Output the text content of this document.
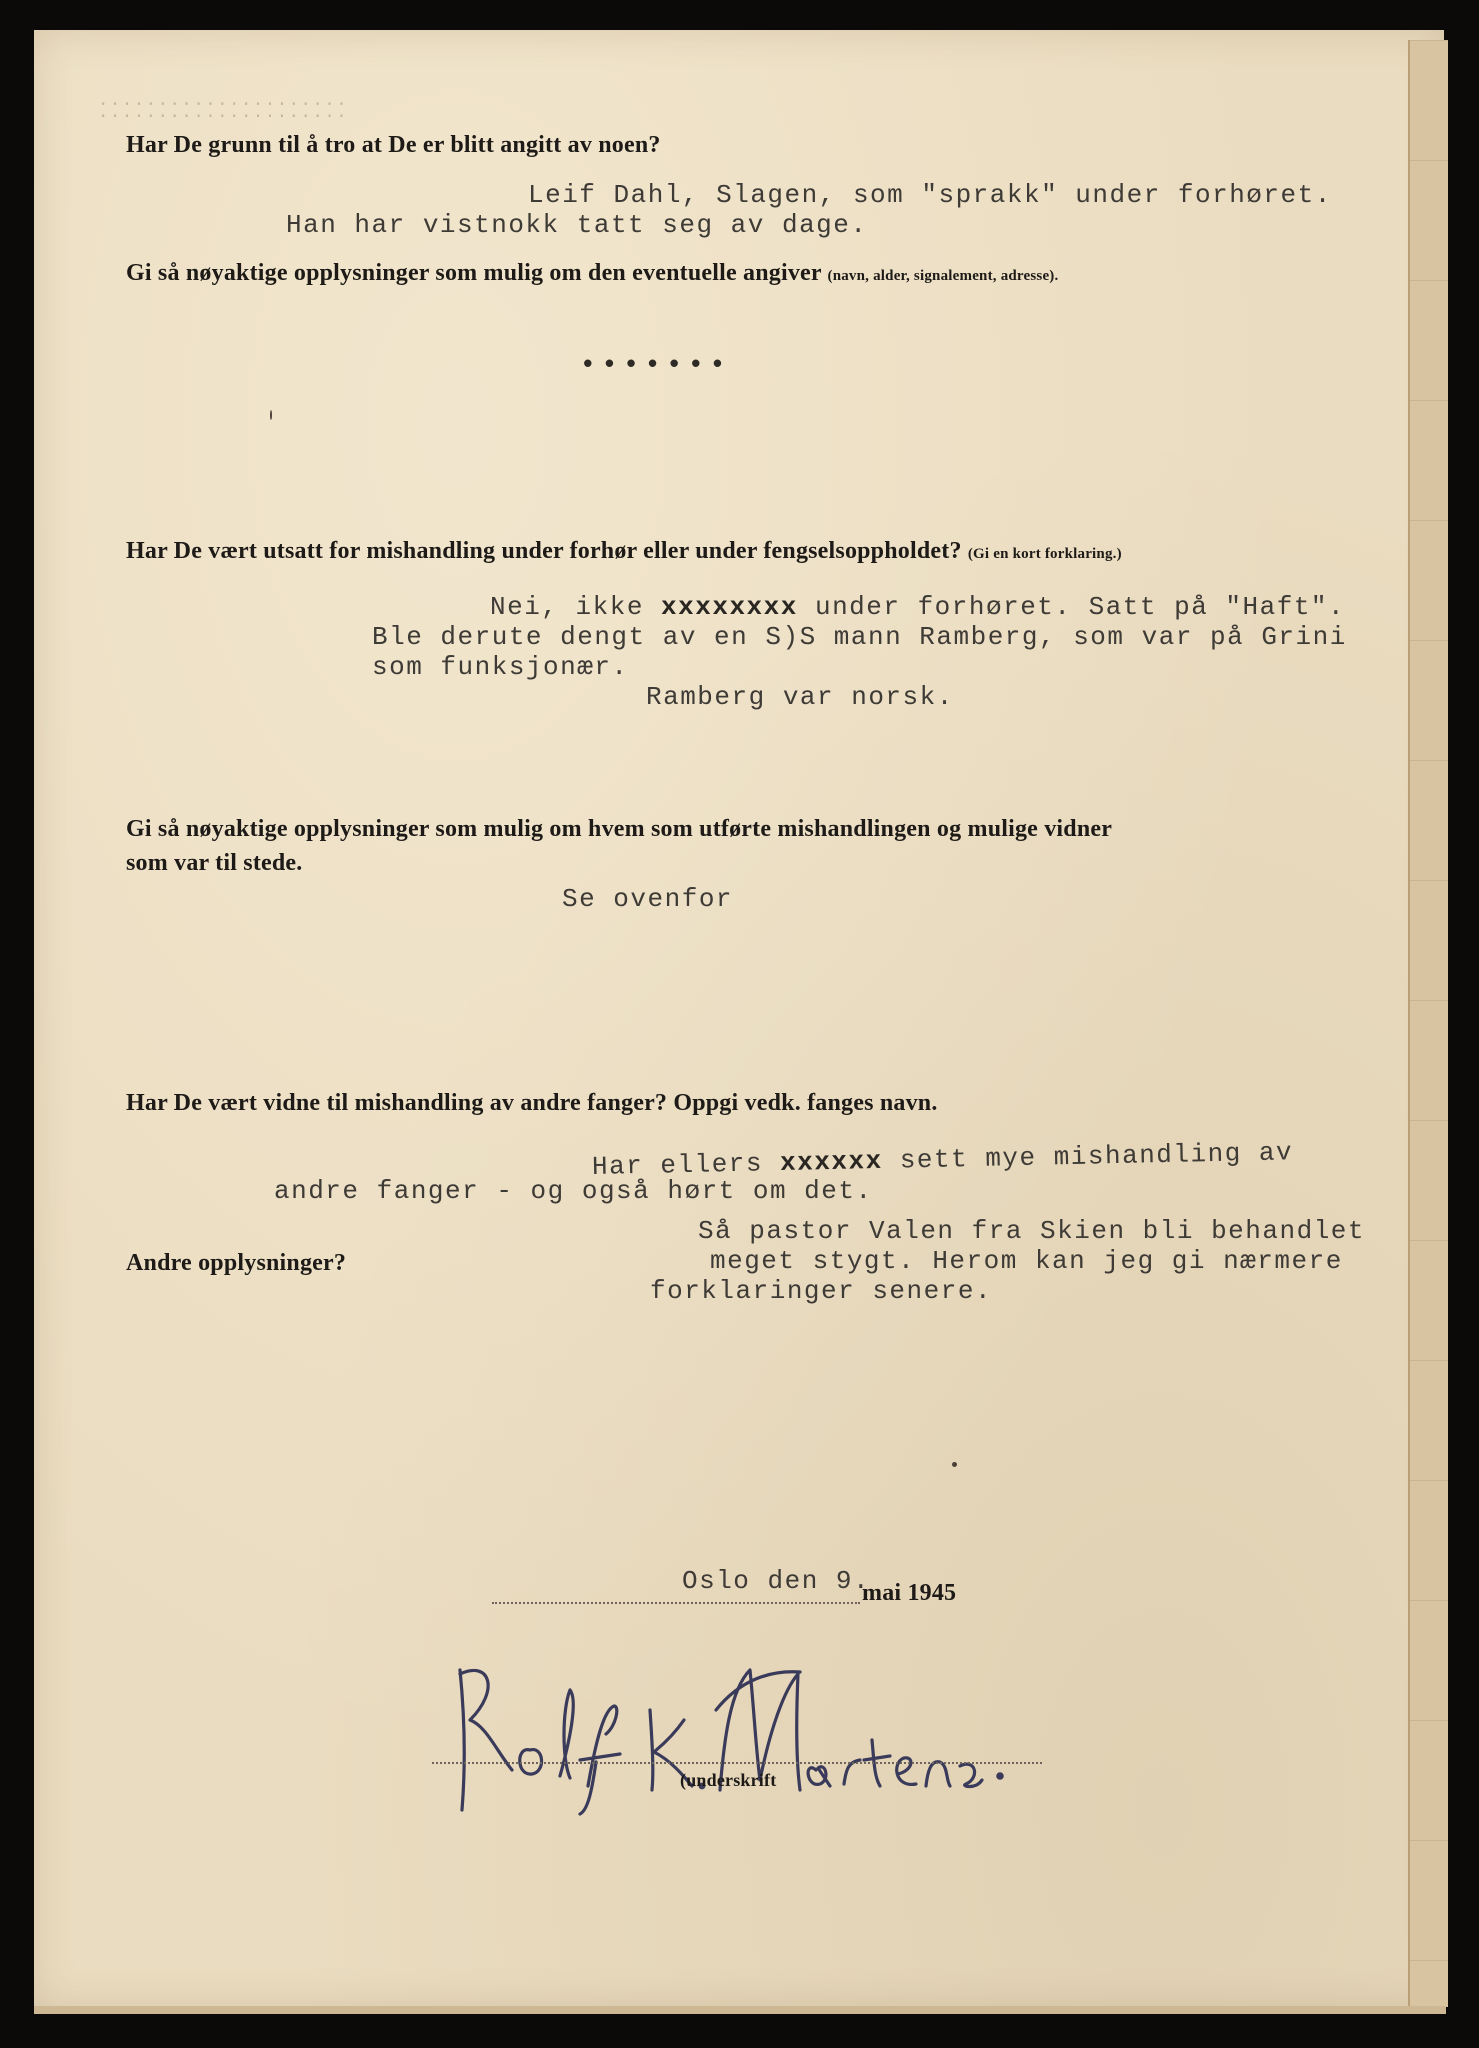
⁚ ⁚ ⁚ ⁚ ⁚ ⁚ ⁚ ⁚ ⁚ ⁚ ⁚ ⁚ ⁚ ⁚ ⁚ ⁚ ⁚ ⁚ ⁚ ⁚ ⁚
Har De grunn til å tro at De er blitt angitt av noen?
Leif Dahl, Slagen, som "sprakk" under forhøret.
Han har vistnokk tatt seg av dage.
Gi så nøyaktige opplysninger som mulig om den eventuelle angiver (navn, alder, signalement, adresse).
•••••••
Har De vært utsatt for mishandling under forhør eller under fengselsoppholdet? (Gi en kort forklaring.)
Nei, ikke xxxxxxxx under forhøret. Satt på "Haft".
Ble derute dengt av en S)S mann Ramberg, som var på Grini
som funksjonær.
Ramberg var norsk.
Gi så nøyaktige opplysninger som mulig om hvem som utførte mishandlingen og mulige vidner
som var til stede.
Se ovenfor
Har De vært vidne til mishandling av andre fanger? Oppgi vedk. fanges navn.
Har ellers xxxxxx sett mye mishandling av
andre fanger - og også hørt om det.
Andre opplysninger?
Så pastor Valen fra Skien bli behandlet
meget stygt. Herom kan jeg gi nærmere
forklaringer senere.
Oslo den 9.
mai 1945
(underskrift
